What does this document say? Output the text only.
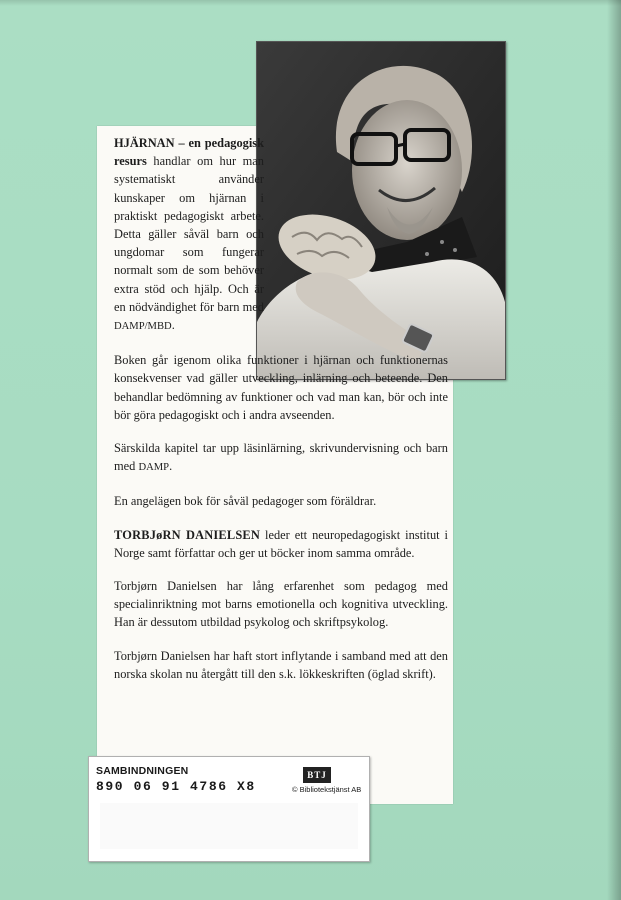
HJÄRNAN – en pedagogisk resurs handlar om hur man systematiskt använder kunskaper om hjärnan i praktiskt pedagogiskt arbete. Detta gäller såväl barn och ungdomar som fungerar normalt som de som behöver extra stöd och hjälp. Och är en nödvändighet för barn med DAMP/MBD.

Boken går igenom olika funktioner i hjärnan och funktionernas konsekvenser vad gäller utveckling, inlärning och beteende. Den behandlar bedömning av funktioner och vad man kan, bör och inte bör göra pedagogiskt och i andra avseenden.

Särskilda kapitel tar upp läsinlärning, skrivundervisning och barn med DAMP.

En angelägen bok för såväl pedagoger som föräldrar.

TORBJøRN DANIELSEN leder ett neuropedagogiskt institut i Norge samt författar och ger ut böcker inom samma område.

Torbjørn Danielsen har lång erfarenhet som pedagog med specialinriktning mot barns emotionella och kognitiva utveckling. Han är dessutom utbildad psykolog och skriftpsykolog.

Torbjørn Danielsen har haft stort inflytande i samband med att den norska skolan nu återgått till den s.k. lökkeskriften (öglad skrift).

SAMBINDNINGEN
890 06 91 4786 X8
BTJ
© Bibliotekstjänst AB
